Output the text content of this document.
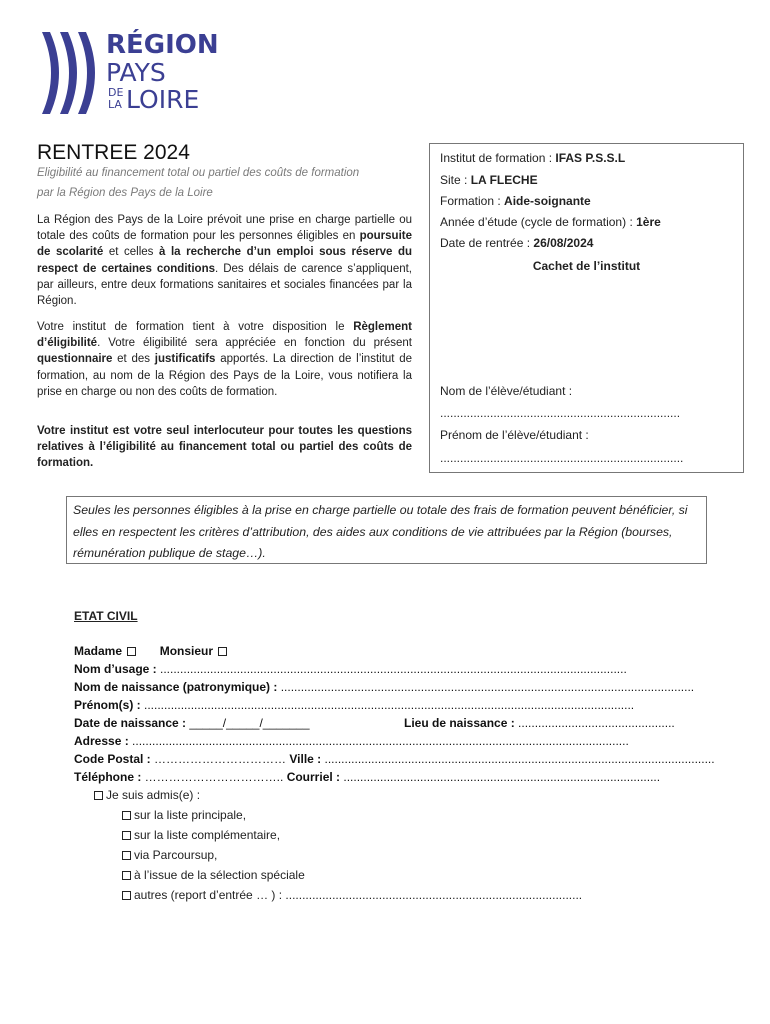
RÉGION
PAYS
DE
LA LOIRE
RENTREE 2024
Eligibilité au financement total ou partiel des coûts de formation
par la Région des Pays de la Loire
La Région des Pays de la Loire prévoit une prise en charge partielle ou totale des coûts de formation pour les personnes éligibles en poursuite de scolarité et celles à la recherche d’un emploi sous réserve du respect de certaines conditions. Des délais de carence s’appliquent, par ailleurs, entre deux formations sanitaires et sociales financées par la Région.
Votre institut de formation tient à votre disposition le Règlement d’éligibilité. Votre éligibilité sera appréciée en fonction du présent questionnaire et des justificatifs apportés. La direction de l’institut de formation, au nom de la Région des Pays de la Loire, vous notifiera la prise en charge ou non des coûts de formation.
Votre institut est votre seul interlocuteur pour toutes les questions relatives à l’éligibilité au financement total ou partiel des coûts de formation.
Institut de formation : IFAS P.S.S.L
Site : LA FLECHE
Formation : Aide-soignante
Année d’étude (cycle de formation) : 1ère
Date de rentrée : 26/08/2024
Cachet de l’institut
Nom de l’élève/étudiant :
........................................................................
Prénom de l’élève/étudiant :
.........................................................................
Seules les personnes éligibles à la prise en charge partielle ou totale des frais de formation peuvent bénéficier, si elles en respectent les critères d’attribution, des aides aux conditions de vie attribuées par la Région (bourses, rémunération publique de stage…).
ETAT CIVIL
Madame	Monsieur
Nom d’usage : ............................................................................................................................................
Nom de naissance (patronymique) : ............................................................................................................................
Prénom(s) : ...................................................................................................................................................
Date de naissance : _____/_____/_______	Lieu de naissance : ...............................................
Adresse : .....................................................................................................................................................
Code Postal : …………………………… Ville : .....................................................................................................................
Téléphone : …………………………….. Courriel : ...............................................................................................
Je suis admis(e) :
sur la liste principale,
sur la liste complémentaire,
via Parcoursup,
à l’issue de la sélection spéciale
autres (report d’entrée … ) : .........................................................................................
